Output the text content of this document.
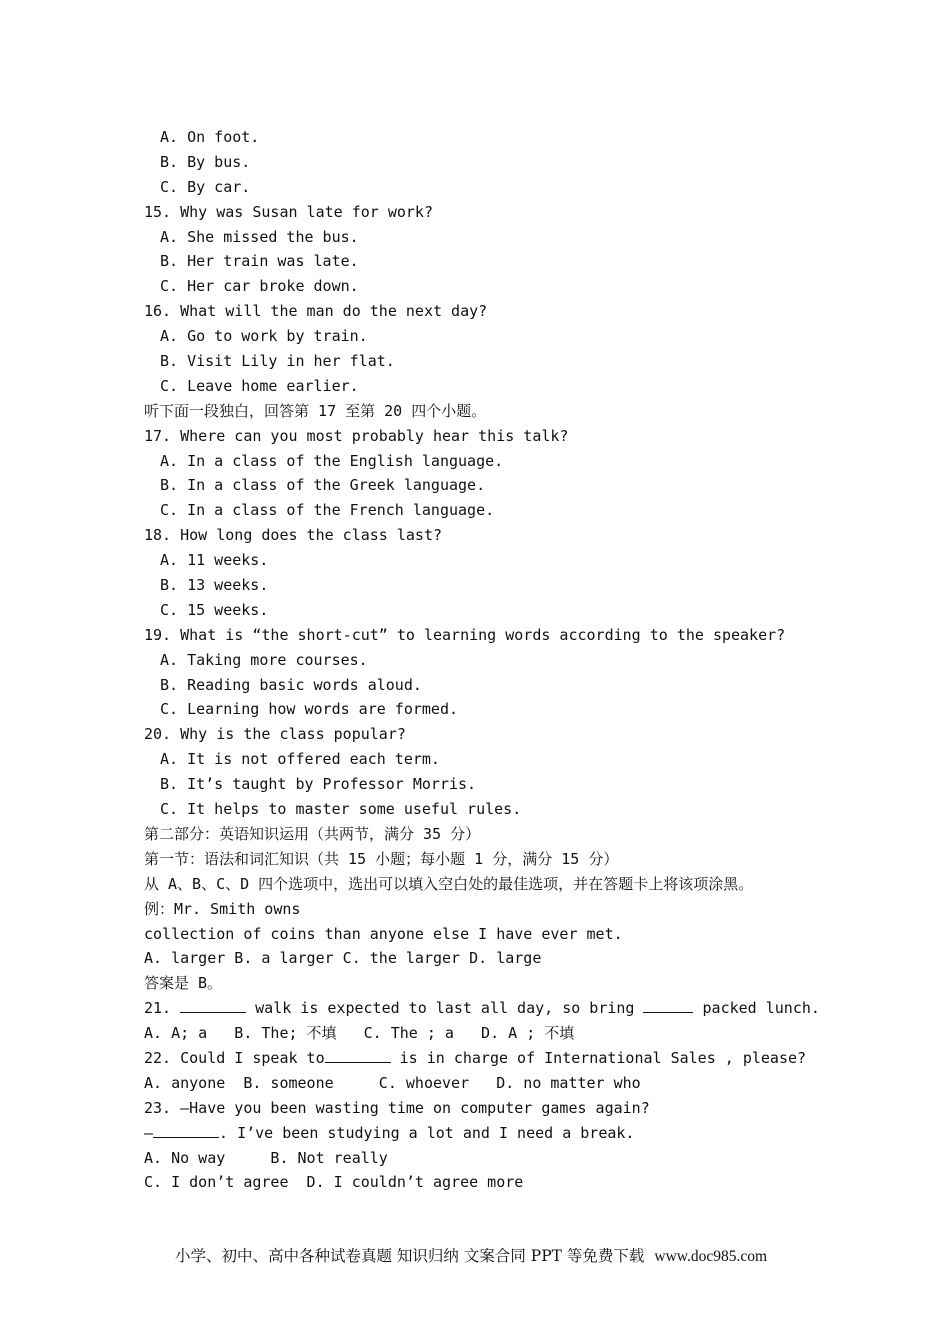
A. On foot.
B. By bus.
C. By car.
15. Why was Susan late for work?
A. She missed the bus.
B. Her train was late.
C. Her car broke down.
16. What will the man do the next day?
A. Go to work by train.
B. Visit Lily in her flat.
C. Leave home earlier.
听下面一段独白，回答第 17 至第 20 四个小题。
17. Where can you most probably hear this talk?
A. In a class of the English language.
B. In a class of the Greek language.
C. In a class of the French language.
18. How long does the class last?
A. 11 weeks.
B. 13 weeks.
C. 15 weeks.
19. What is “the short-cut” to learning words according to the speaker?
A. Taking more courses.
B. Reading basic words aloud.
C. Learning how words are formed.
20. Why is the class popular?
A. It is not offered each term.
B. It’s taught by Professor Morris.
C. It helps to master some useful rules.
第二部分：英语知识运用（共两节，满分 35 分）
第一节：语法和词汇知识（共 15 小题；每小题 1 分，满分 15 分）
从 A、B、C、D 四个选项中，选出可以填入空白处的最佳选项，并在答题卡上将该项涂黑。
例：Mr. Smith owns
collection of coins than anyone else I have ever met.
A. larger B. a larger C. the larger D. large
答案是 B。
21.	walk is expected to last all day, so bring	packed lunch.
A. A; a   B. The; 不填   C. The ; a   D. A ; 不填
22. Could I speak to	is in charge of International Sales , please?
A. anyone  B. someone     C. whoever   D. no matter who
23. —Have you been wasting time on computer games again?
—	. I’ve been studying a lot and I need a break.
A. No way     B. Not really
C. I don’t agree  D. I couldn’t agree more
小学、初中、高中各种试卷真题 知识归纳 文案合同 PPT 等免费下载 www.doc985.com
